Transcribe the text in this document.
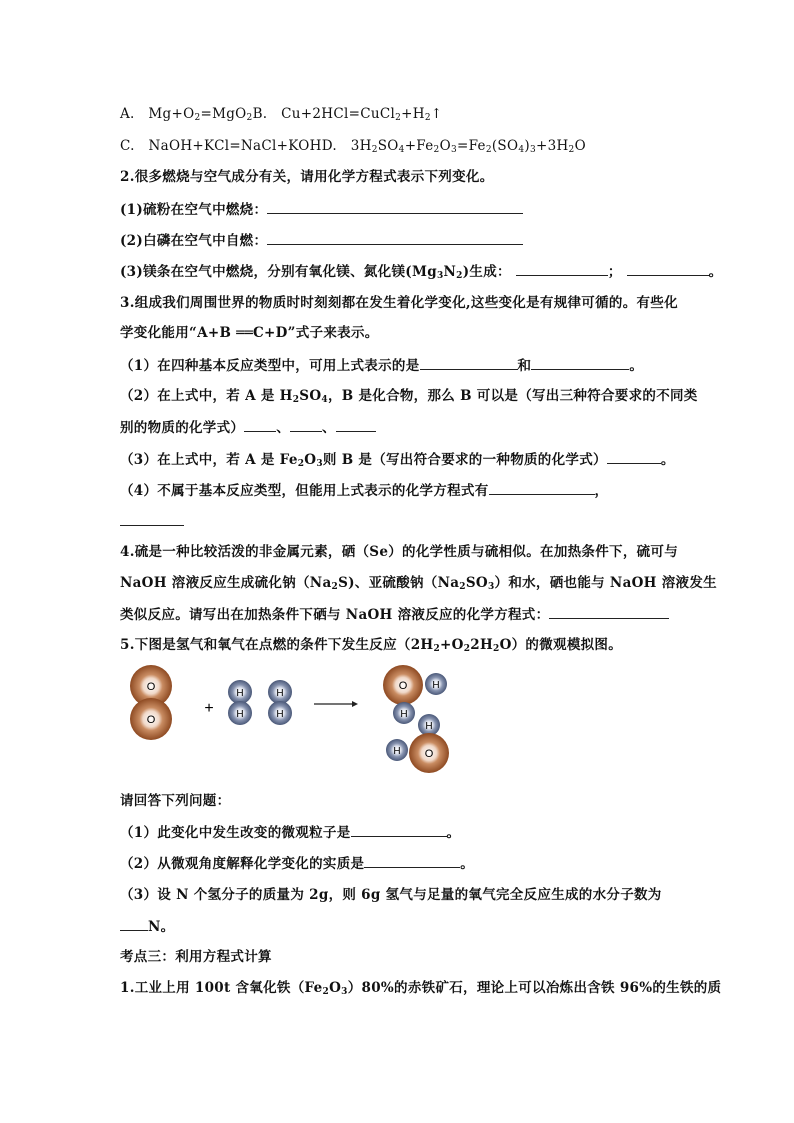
A. $Mg+O_2=MgO_2B$. $Cu+2HCl=CuCl_2+H_2↑$
C. NaOH+KCl=NaCl+KOHD. $3H_2SO_4+Fe_2O_3=Fe_2(SO_4)_3+3H_2O$
2.很多燃烧与空气成分有关，请用化学方程式表示下列变化。
(1)硫粉在空气中燃烧：
(2)白磷在空气中自燃：
(3)镁条在空气中燃烧，分别有氧化镁、氮化镁$(Mg_3N_2)$生成：	；	。
3.组成我们周围世界的物质时时刻刻都在发生着化学变化,这些变化是有规律可循的。有些化
学变化能用“A+B ══C+D”式子来表示。
（1）在四种基本反应类型中，可用上式表示的是	和	。
（2）在上式中，若 A 是 $H_2SO_4$，B 是化合物，那么 B 可以是（写出三种符合要求的不同类
别的物质的化学式） 、 、
（3）在上式中，若 A 是 $Fe_2O_3$则 B 是（写出符合要求的一种物质的化学式）	。
（4）不属于基本反应类型，但能用上式表示的化学方程式有	，
4.硫是一种比较活泼的非金属元素，硒（Se）的化学性质与硫相似。在加热条件下，硫可与
NaOH 溶液反应生成硫化钠$(Na_2S)$、亚硫酸钠$(Na_2SO_3)$和水，硒也能与 NaOH 溶液发生
类似反应。请写出在加热条件下硒与 NaOH 溶液反应的化学方程式：
5.下图是氢气和氧气在点燃的条件下发生反应$(2H_2+O_22H_2O)$的微观模拟图。
O
O
+
H
H
H
H
O	H
H
H
H O
请回答下列问题：
（1）此变化中发生改变的微观粒子是	。
（2）从微观角度解释化学变化的实质是	。
（3）设 N 个氢分子的质量为 2g，则 6g 氢气与足量的氧气完全反应生成的水分子数为
N。
考点三：利用方程式计算
1.工业上用 100t 含氧化铁$(Fe_2O_3)80\%$的赤铁矿石，理论上可以冶炼出含铁 96%的生铁的质
